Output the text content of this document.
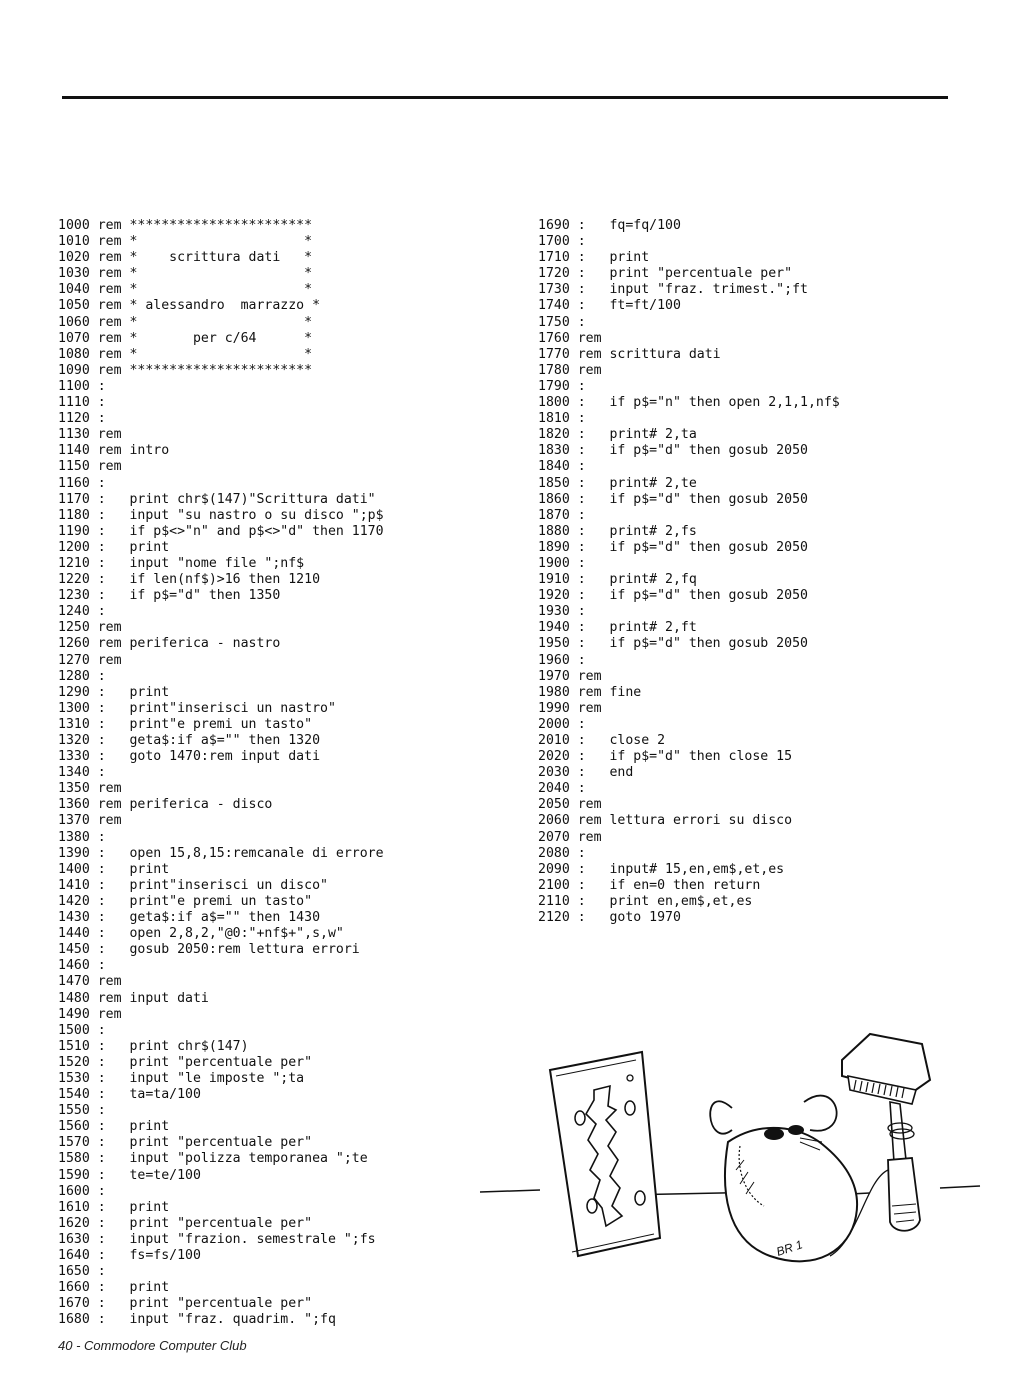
1000 rem ***********************
1010 rem *                     *
1020 rem *    scrittura dati   *
1030 rem *                     *
1040 rem *                     *
1050 rem * alessandro  marrazzo *
1060 rem *                     *
1070 rem *       per c/64      *
1080 rem *                     *
1090 rem ***********************
1100 :
1110 :
1120 :
1130 rem
1140 rem intro
1150 rem
1160 :
1170 :   print chr$(147)"Scrittura dati"
1180 :   input "su nastro o su disco ";p$
1190 :   if p$<>"n" and p$<>"d" then 1170
1200 :   print
1210 :   input "nome file ";nf$
1220 :   if len(nf$)>16 then 1210
1230 :   if p$="d" then 1350
1240 :
1250 rem
1260 rem periferica - nastro
1270 rem
1280 :
1290 :   print
1300 :   print"inserisci un nastro"
1310 :   print"e premi un tasto"
1320 :   geta$:if a$="" then 1320
1330 :   goto 1470:rem input dati
1340 :
1350 rem
1360 rem periferica - disco
1370 rem
1380 :
1390 :   open 15,8,15:remcanale di errore
1400 :   print
1410 :   print"inserisci un disco"
1420 :   print"e premi un tasto"
1430 :   geta$:if a$="" then 1430
1440 :   open 2,8,2,"@0:"+nf$+",s,w"
1450 :   gosub 2050:rem lettura errori
1460 :
1470 rem
1480 rem input dati
1490 rem
1500 :
1510 :   print chr$(147)
1520 :   print "percentuale per"
1530 :   input "le imposte ";ta
1540 :   ta=ta/100
1550 :
1560 :   print
1570 :   print "percentuale per"
1580 :   input "polizza temporanea ";te
1590 :   te=te/100
1600 :
1610 :   print
1620 :   print "percentuale per"
1630 :   input "frazion. semestrale ";fs
1640 :   fs=fs/100
1650 :
1660 :   print
1670 :   print "percentuale per"
1680 :   input "fraz. quadrim. ";fq
1690 :   fq=fq/100
1700 :
1710 :   print
1720 :   print "percentuale per"
1730 :   input "fraz. trimest.";ft
1740 :   ft=ft/100
1750 :
1760 rem
1770 rem scrittura dati
1780 rem
1790 :
1800 :   if p$="n" then open 2,1,1,nf$
1810 :
1820 :   print# 2,ta
1830 :   if p$="d" then gosub 2050
1840 :
1850 :   print# 2,te
1860 :   if p$="d" then gosub 2050
1870 :
1880 :   print# 2,fs
1890 :   if p$="d" then gosub 2050
1900 :
1910 :   print# 2,fq
1920 :   if p$="d" then gosub 2050
1930 :
1940 :   print# 2,ft
1950 :   if p$="d" then gosub 2050
1960 :
1970 rem
1980 rem fine
1990 rem
2000 :
2010 :   close 2
2020 :   if p$="d" then close 15
2030 :   end
2040 :
2050 rem
2060 rem lettura errori su disco
2070 rem
2080 :
2090 :   input# 15,en,em$,et,es
2100 :   if en=0 then return
2110 :   print en,em$,et,es
2120 :   goto 1970
BR 1
40 - Commodore Computer Club
